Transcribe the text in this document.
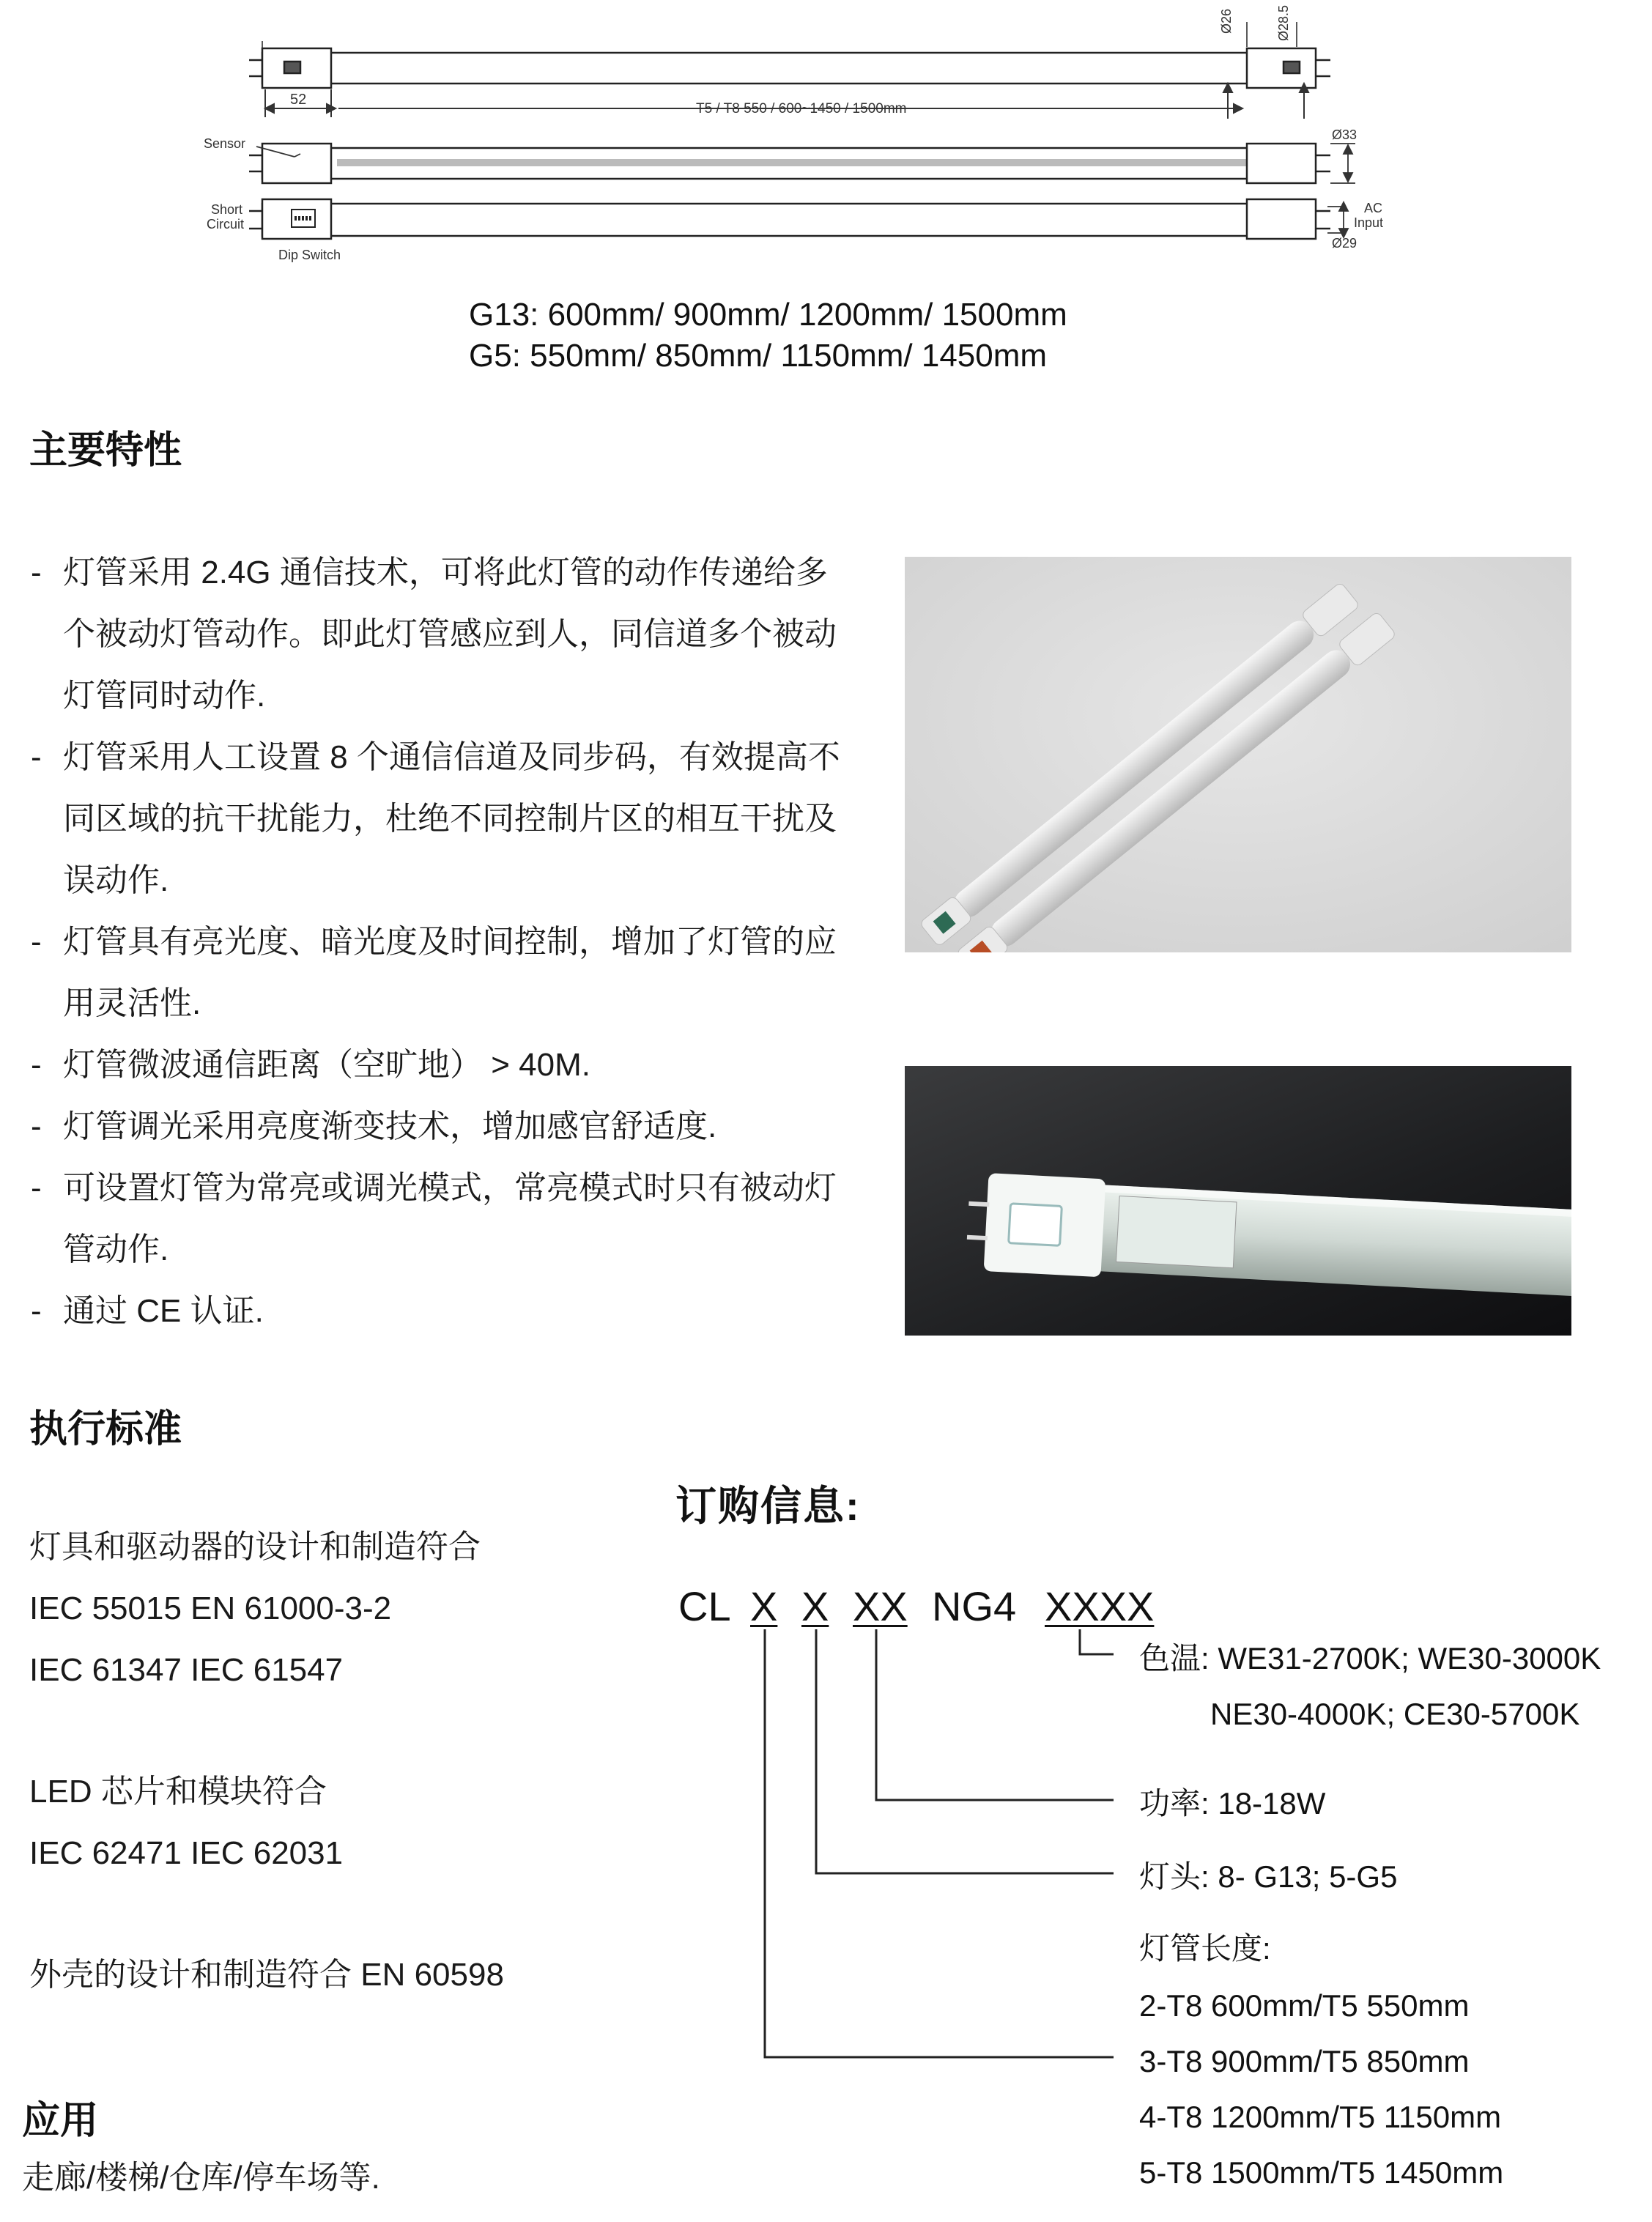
Ø26	Ø28.5
52
T5 / T8 550 / 600~1450 / 1500mm
Sensor
Ø33
Short
Circuit
AC
Input
Ø29
Dip Switch
G13: 600mm/ 900mm/ 1200mm/ 1500mm
G5: 550mm/ 850mm/ 1150mm/ 1450mm
主要特性
- 灯管采用 2.4G 通信技术，可将此灯管的动作传递给多
个被动灯管动作。即此灯管感应到人，同信道多个被动
灯管同时动作.
- 灯管采用人工设置 8 个通信信道及同步码，有效提高不
同区域的抗干扰能力，杜绝不同控制片区的相互干扰及
误动作.
- 灯管具有亮光度、暗光度及时间控制，增加了灯管的应
用灵活性.
- 灯管微波通信距离（空旷地） > 40M.
- 灯管调光采用亮度渐变技术，增加感官舒适度.
- 可设置灯管为常亮或调光模式，常亮模式时只有被动灯
管动作.
- 通过 CE 认证.
执行标准
灯具和驱动器的设计和制造符合
IEC 55015 EN 61000-3-2
IEC 61347 IEC 61547
LED 芯片和模块符合
IEC 62471 IEC 62031
外壳的设计和制造符合 EN 60598
订购信息:
CL X X XX NG4 XXXX
色温: WE31-2700K; WE30-3000K
NE30-4000K; CE30-5700K
功率: 18-18W
灯头: 8- G13; 5-G5
灯管长度:
2-T8 600mm/T5 550mm
3-T8 900mm/T5 850mm
4-T8 1200mm/T5 1150mm
5-T8 1500mm/T5 1450mm
应用
走廊/楼梯/仓库/停车场等.
